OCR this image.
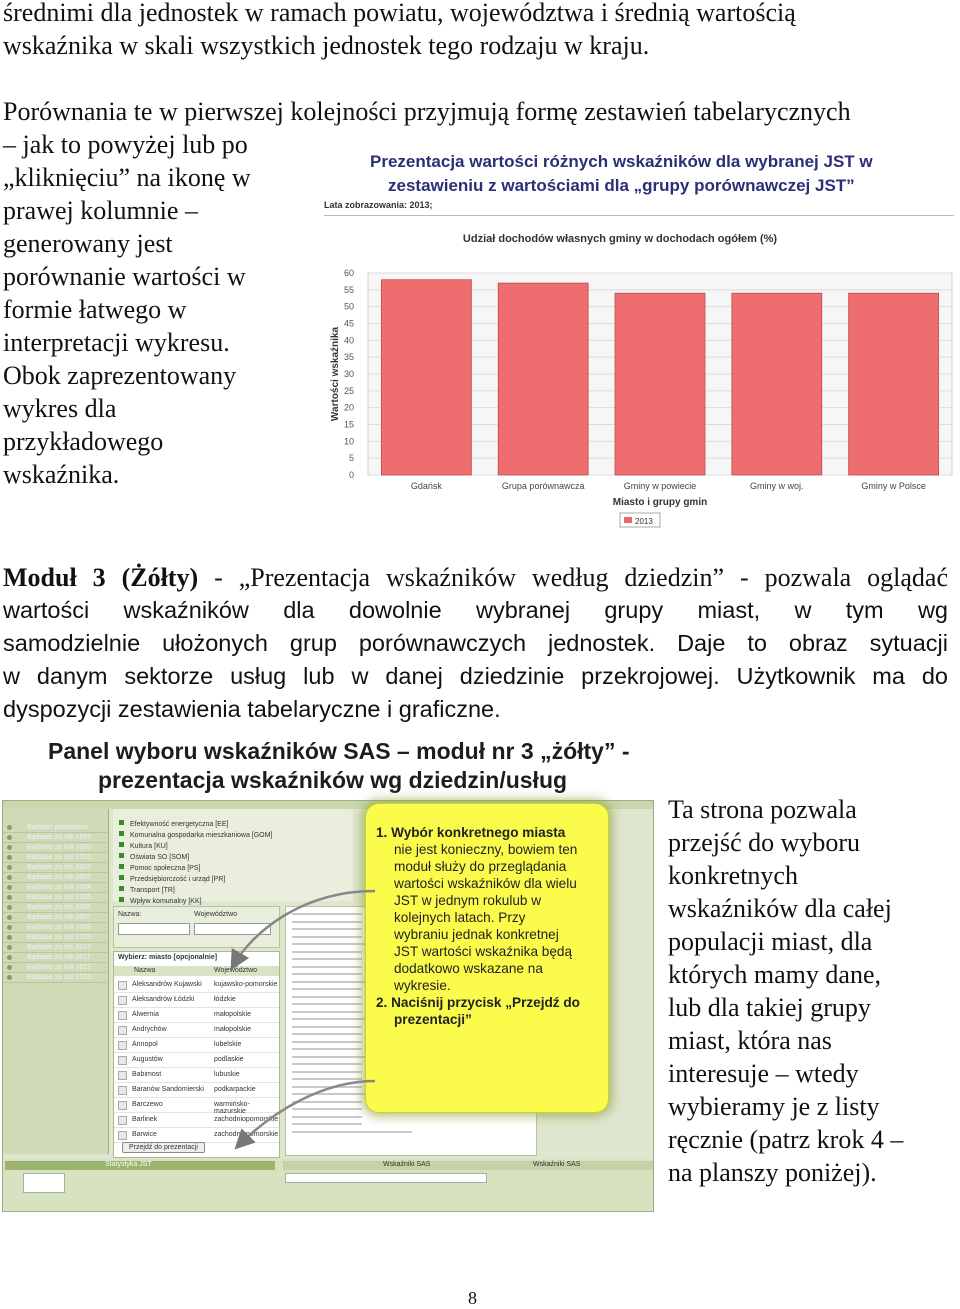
średnimi dla jednostek w ramach powiatu, województwa i średnią wartością
wskaźnika w skali wszystkich jednostek tego rodzaju w kraju.
Porównania te w pierwszej kolejności przyjmują formę zestawień tabelarycznych
– jak to powyżej lub po
„kliknięciu” na ikonę w
prawej kolumnie –
generowany jest
porównanie wartości w
formie łatwego w
interpretacji wykresu.
Obok zaprezentowany
wykres dla
przykładowego
wskaźnika.
Prezentacja wartości różnych wskaźników dla wybranej JST w
zestawieniu z wartościami dla „grupy porównawczej JST”
Lata zobrazowania: 2013;
Udział dochodów własnych gminy w dochodach ogółem (%)
0
5
10
15
20
25
30
35
40
45
50
55
60
Wartości wskaźnika
Gdańsk	Grupa porównawcza	Gminy w powiecie	Gminy w woj.	Gminy w Polsce
Miasto i grupy gmin
2013
Moduł 3 (Żółty) - „Prezentacja wskaźników według dziedzin” - pozwala oglądać
wartości wskaźników dla dowolnie wybranej grupy miast, w tym wg
samodzielnie ułożonych grup porównawczych jednostek. Daje to obraz sytuacji
w danym sektorze usług lub w danej dziedzinie przekrojowej. Użytkownik ma do
dyspozycji zestawienia tabelaryczne i graficzne.
Panel wyboru wskaźników SAS – moduł nr 3 „żółty” -
prezentacja wskaźników wg dziedzin/usług
Badanie pilotażowe
Badanie za rok 1999
Badanie za rok 2000
Badanie za rok 2001
Badanie za rok 2002
Badanie za rok 2003
Badanie za rok 2004
Badanie za rok 2005
Badanie za rok 2006
Badanie za rok 2007
Badanie za rok 2008
Badanie za rok 2009
Badanie za rok 2010
Badanie za rok 2011
Badanie za rok 2012
Badanie za rok 2013
Efektywność energetyczna [EE]
Komunalna gospodarka mieszkaniowa [GOM]
Kultura [KU]
Oświata SO [SOM]
Pomoc społeczna [PS]
Przedsiębiorczość i urząd [PR]
Transport [TR]
Wpływ komunalny [KK]
Nazwa:	Województwo
Wybierz: miasto [opcjonalnie]
Nazwa	Województwo
Aleksandrów Kujawski kujawsko-pomorskie
Aleksandrów Łódzki	łódzkie
Alwernia	małopolskie
Andrychów	małopolskie
Annopol	lubelskie
Augustów	podlaskie
Babimost	lubuskie
Baranów Sandomierski podkarpackie
Barczewo	warmińsko-mazurskie
Barlinek	zachodniopomorskie
Barwice	zachodniopomorskie
Przejdź do prezentacji
Statystyka JST	Wskaźniki SAS	Wskaźniki SAS
1. Wybór konkretnego miasta
nie jest konieczny, bowiem ten
moduł służy do przeglądania
wartości wskaźników dla wielu
JST w jednym rokulub w
kolejnych latach. Przy
wybraniu jednak konkretnej
JST wartości wskaźnika będą
dodatkowo wskazane na
wykresie.
2. Naciśnij przycisk „Przejdź do
prezentacji”
Ta strona pozwala
przejść do wyboru
konkretnych
wskaźników dla całej
populacji miast, dla
których mamy dane,
lub dla takiej grupy
miast, która nas
interesuje – wtedy
wybieramy je z listy
ręcznie (patrz krok 4 –
na planszy poniżej).
8
